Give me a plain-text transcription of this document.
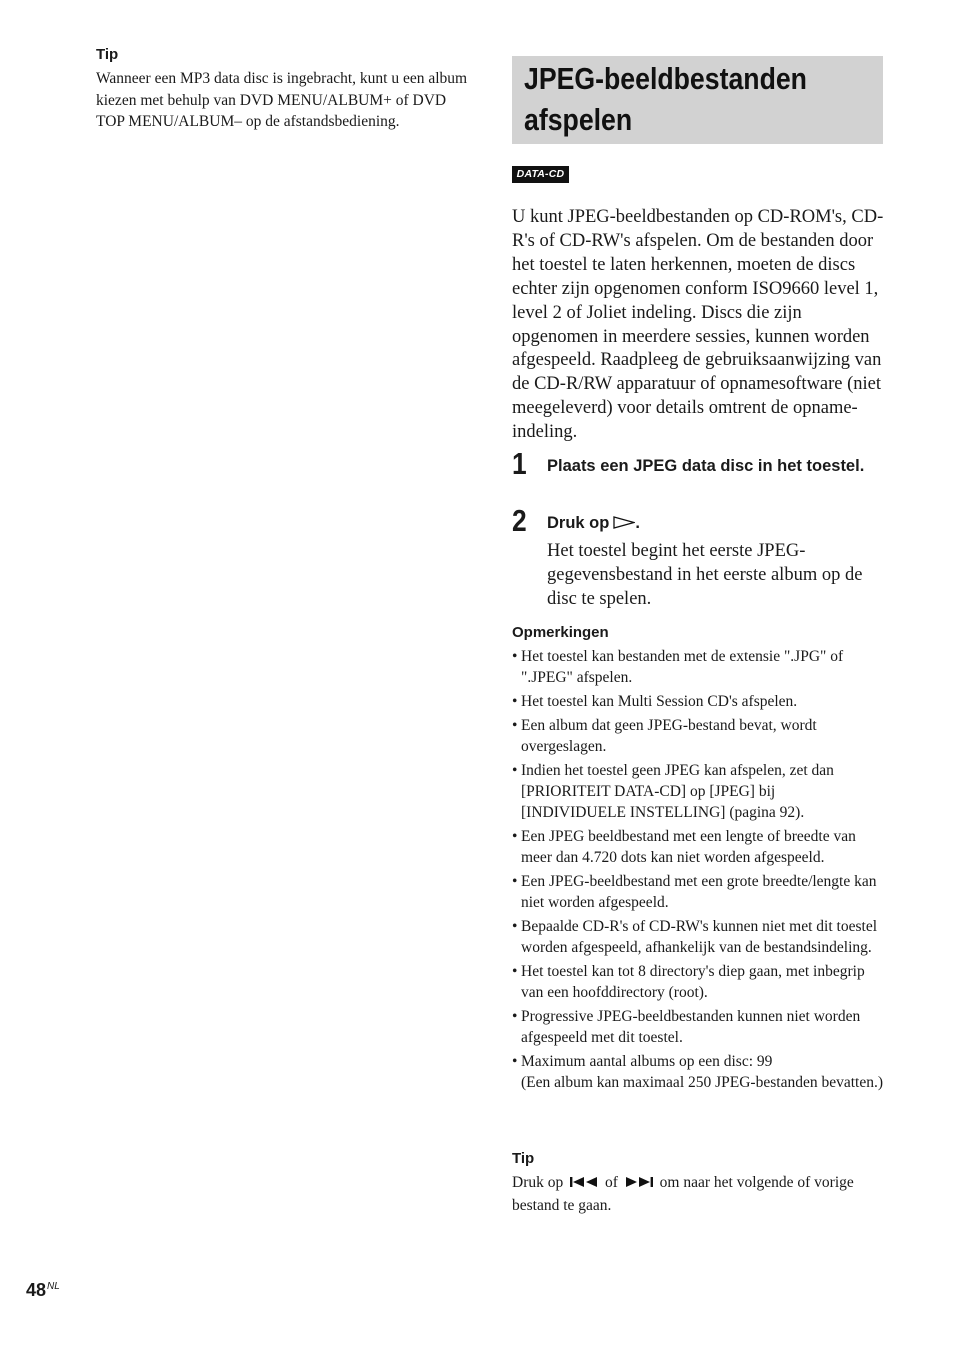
Tip
Wanneer een MP3 data disc is ingebracht, kunt u een album kiezen met behulp van DVD MENU/ALBUM+ of DVD TOP MENU/ALBUM– op de afstandsbediening.
JPEG-beeldbestanden
afspelen
DATA-CD
U kunt JPEG-beeldbestanden op CD-ROM's, CD-R's of CD-RW's afspelen. Om de bestanden door het toestel te laten herkennen, moeten de discs echter zijn opgenomen conform ISO9660 level 1, level 2 of Joliet indeling. Discs die zijn opgenomen in meerdere sessies, kunnen worden afgespeeld. Raadpleeg de gebruiksaanwijzing van de CD-R/RW apparatuur of opnamesoftware (niet meegeleverd) voor details omtrent de opname-indeling.
1 Plaats een JPEG data disc in het toestel.
2 Druk op .
Het toestel begint het eerste JPEG-gegevensbestand in het eerste album op de disc te spelen.
Opmerkingen
• Het toestel kan bestanden met de extensie ".JPG" of ".JPEG" afspelen.
• Het toestel kan Multi Session CD's afspelen.
• Een album dat geen JPEG-bestand bevat, wordt overgeslagen.
• Indien het toestel geen JPEG kan afspelen, zet dan [PRIORITEIT DATA-CD] op [JPEG] bij [INDIVIDUELE INSTELLING] (pagina 92).
• Een JPEG beeldbestand met een lengte of breedte van meer dan 4.720 dots kan niet worden afgespeeld.
• Een JPEG-beeldbestand met een grote breedte/lengte kan niet worden afgespeeld.
• Bepaalde CD-R's of CD-RW's kunnen niet met dit toestel worden afgespeeld, afhankelijk van de bestandsindeling.
• Het toestel kan tot 8 directory's diep gaan, met inbegrip van een hoofddirectory (root).
• Progressive JPEG-beeldbestanden kunnen niet worden afgespeeld met dit toestel.
• Maximum aantal albums op een disc: 99
(Een album kan maximaal 250 JPEG-bestanden bevatten.)
Tip
Druk op	of	om naar het volgende of vorige bestand te gaan.
$48^{NL}$
